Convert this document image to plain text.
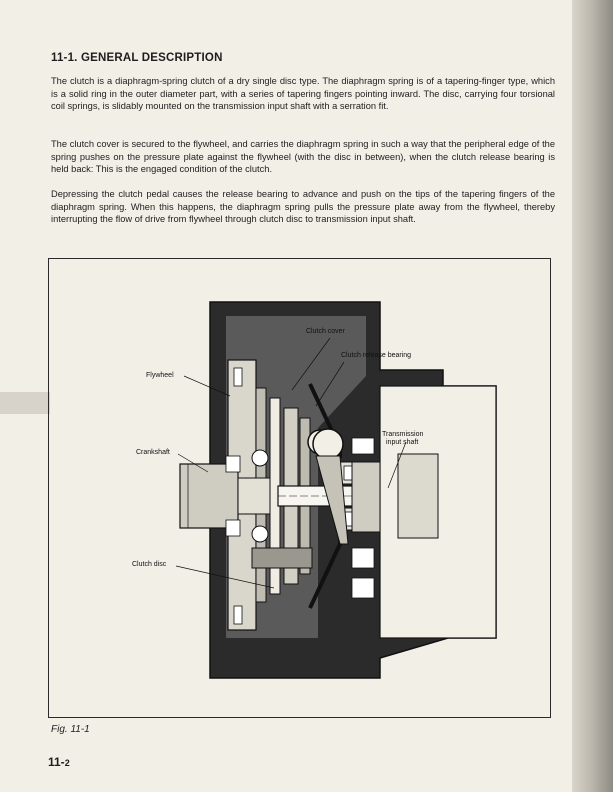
11-1. GENERAL DESCRIPTION

The clutch is a diaphragm-spring clutch of a dry single disc type. The diaphragm spring is of a tapering-finger type, which is a solid ring in the outer diameter part, with a series of tapering fingers pointing inward. The disc, carrying four torsional coil springs, is slidably mounted on the transmission input shaft with a serration fit.

The clutch cover is secured to the flywheel, and carries the diaphragm spring in such a way that the peripheral edge of the spring pushes on the pressure plate against the flywheel (with the disc in between), when the clutch release bearing is held back: This is the engaged condition of the clutch.

Depressing the clutch pedal causes the release bearing to advance and push on the tips of the tapering fingers of the diaphragm spring. When this happens, the diaphragm spring pulls the pressure plate away from the flywheel, thereby interrupting the flow of drive from flywheel through clutch disc to transmission input shaft.

Clutch cover
Clutch release bearing
Flywheel
Crankshaft
Transmission
input shaft
Clutch disc
Fig. 11-1
11-2
